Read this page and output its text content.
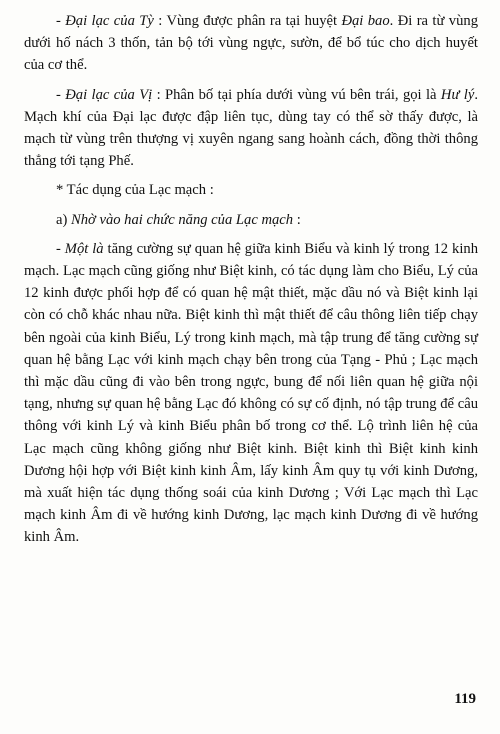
- Đại lạc của Tỳ : Vùng được phân ra tại huyệt Đại bao. Đi ra từ vùng dưới hố nách 3 thốn, tản bộ tới vùng ngực, sườn, để bổ túc cho dịch huyết của cơ thể.

- Đại lạc của Vị : Phân bố tại phía dưới vùng vú bên trái, gọi là Hư lý. Mạch khí của Đại lạc được đập liên tục, dùng tay có thể sờ thấy được, là mạch từ vùng trên thượng vị xuyên ngang sang hoành cách, đồng thời thông thẳng tới tạng Phế.

* Tác dụng của Lạc mạch :

a) Nhờ vào hai chức năng của Lạc mạch :

- Một là tăng cường sự quan hệ giữa kinh Biểu và kinh lý trong 12 kinh mạch. Lạc mạch cũng giống như Biệt kinh, có tác dụng làm cho Biểu, Lý của 12 kinh được phối hợp để có quan hệ mật thiết, mặc dầu nó và Biệt kinh lại còn có chỗ khác nhau nữa. Biệt kinh thì mật thiết để câu thông liên tiếp chạy bên ngoài của kinh Biểu, Lý trong kinh mạch, mà tập trung để tăng cường sự quan hệ bằng Lạc với kinh mạch chạy bên trong của Tạng - Phủ ; Lạc mạch thì mặc dầu cũng đi vào bên trong ngực, bung để nối liên quan hệ giữa nội tạng, nhưng sự quan hệ bằng Lạc đó không có sự cố định, nó tập trung để câu thông với kinh Lý và kinh Biểu phân bố trong cơ thể. Lộ trình liên hệ của Lạc mạch cũng không giống như Biệt kinh. Biệt kinh thì Biệt kinh kinh Dương hội hợp với Biệt kinh kinh Âm, lấy kinh Âm quy tụ với kinh Dương, mà xuất hiện tác dụng thống soái của kinh Dương ; Với Lạc mạch thì Lạc mạch kinh Âm đi về hướng kinh Dương, lạc mạch kinh Dương đi về hướng kinh Âm.

119
